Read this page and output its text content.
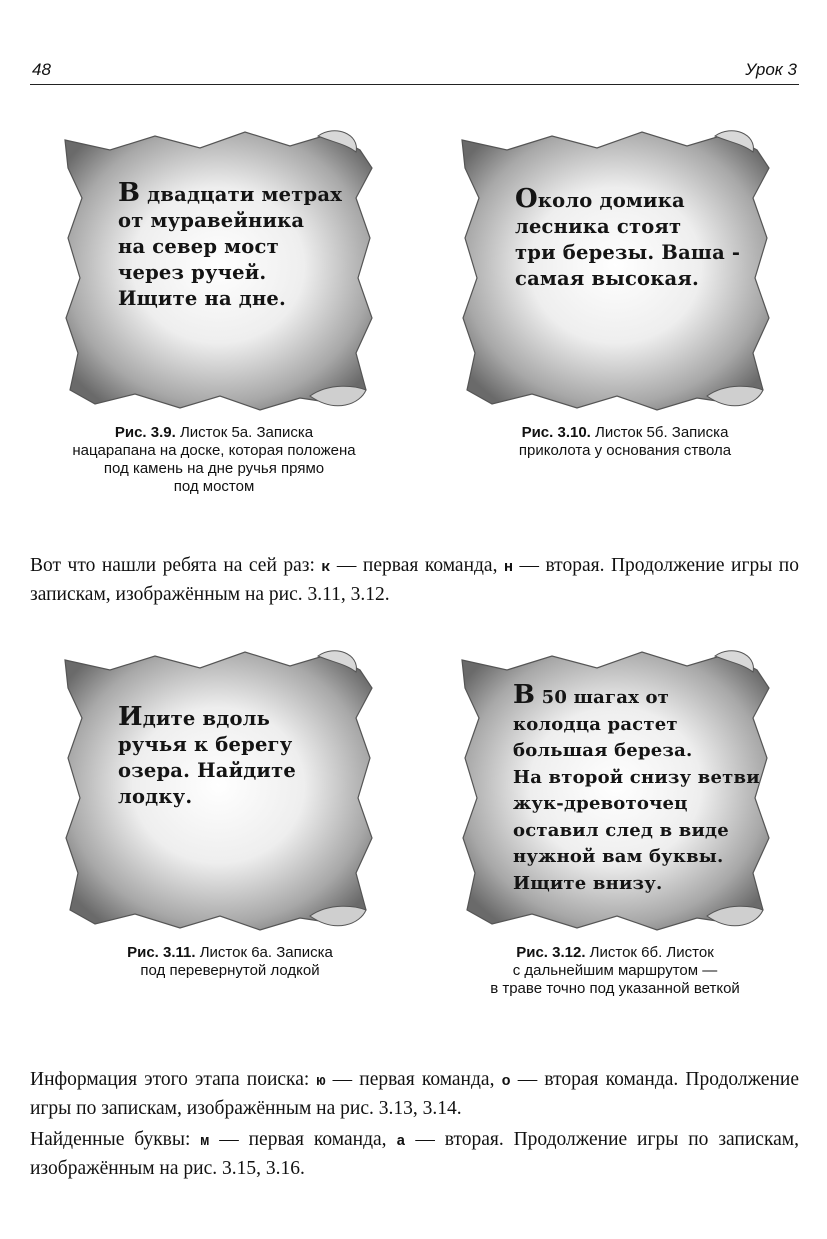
48	Урок 3
В двадцати метрах
от муравейника
на север мост
через ручей.
Ищите на дне.
Рис. 3.9. Листок 5а. Записка
нацарапана на доске, которая положена
под камень на дне ручья прямо
под мостом
Около домика
лесника стоят
три березы. Ваша -
самая высокая.
Рис. 3.10. Листок 5б. Записка
приколота у основания ствола

Вот что нашли ребята на сей раз: к — первая команда, н — вторая. Продолжение игры по запискам, изображённым на рис. 3.11, 3.12.

Идите вдоль
ручья к берегу
озера. Найдите
лодку.
Рис. 3.11. Листок 6а. Записка
под перевернутой лодкой
В 50 шагах от
колодца растет
большая береза.
На второй снизу ветви
жук-древоточец
оставил след в виде
нужной вам буквы.
Ищите внизу.
Рис. 3.12. Листок 6б. Листок
с дальнейшим маршрутом —
в траве точно под указанной веткой

Информация этого этапа поиска: ю — первая команда, о — вторая команда. Продолжение игры по запискам, изображённым на рис. 3.13, 3.14.

Найденные буквы: м — первая команда, а — вторая. Продолжение игры по запискам, изображённым на рис. 3.15, 3.16.
